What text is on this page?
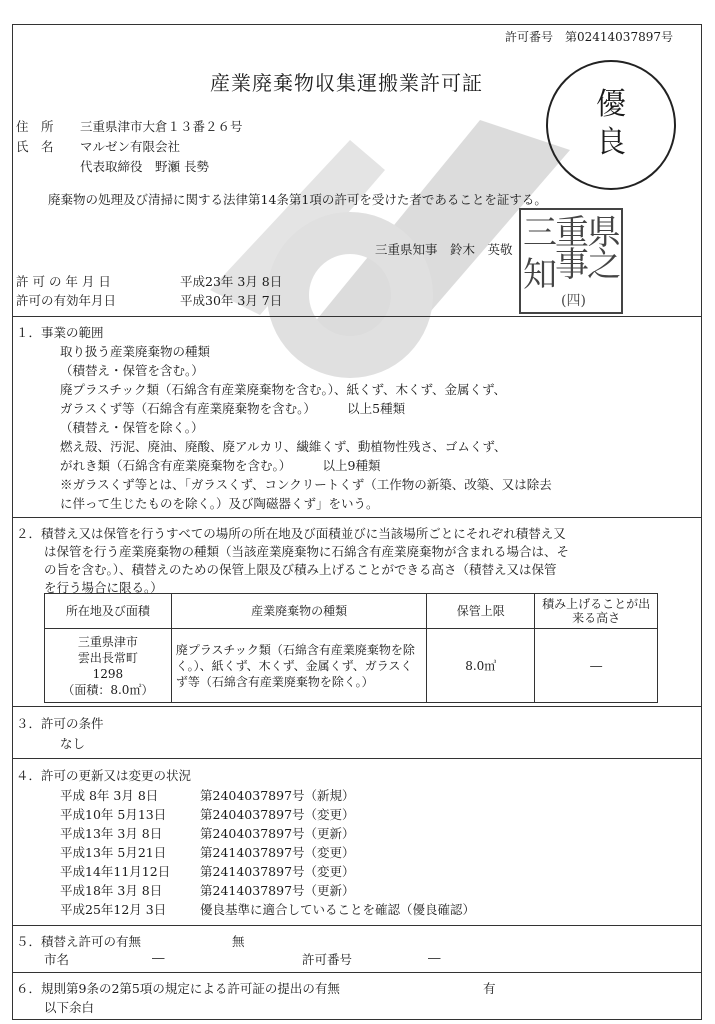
許可番号　第02414037897号
産業廃棄物収集運搬業許可証
優
良
住　所 三重県津市大倉１３番２６号
氏　名 マルゼン有限会社
代表取締役　野瀬 長勢
廃棄物の処理及び清掃に関する法律第14条第1項の許可を受けた者であることを証する。
三重県知事　鈴木　英敬 重
県
事
之
三
知
(四)
許 可 の 年 月 日	平成23年 3月 8日
許可の有効年月日	平成30年 3月 7日
１．事業の範囲
取り扱う産業廃棄物の種類
（積替え・保管を含む。）
廃プラスチック類（石綿含有産業廃棄物を含む。）、紙くず、木くず、金属くず、
ガラスくず等（石綿含有産業廃棄物を含む。）　　　以上5種類
（積替え・保管を除く。）
燃え殻、汚泥、廃油、廃酸、廃アルカリ、繊維くず、動植物性残さ、ゴムくず、
がれき類（石綿含有産業廃棄物を含む。）　　　以上9種類
※ガラスくず等とは、「ガラスくず、コンクリートくず（工作物の新築、改築、又は除去
に伴って生じたものを除く。）及び陶磁器くず」をいう。
２．積替え又は保管を行うすべての場所の所在地及び面積並びに当該場所ごとにそれぞれ積替え又
は保管を行う産業廃棄物の種類（当該産業廃棄物に石綿含有産業廃棄物が含まれる場合は、そ
の旨を含む。）、積替えのための保管上限及び積み上げることができる高さ（積替え又は保管
を行う場合に限る。）
所在地及び面積	産業廃棄物の種類	保管上限	積み上げることが出来る高さ

三重県津市
雲出長常町
1298
（面積：8.0㎡）	廃プラスチック類（石綿含有産業廃棄物を除く。）、紙くず、木くず、金属くず、ガラスくず等（石綿含有産業廃棄物を除く。）	8.0㎥	―
３．許可の条件
なし
４．許可の更新又は変更の状況
平成 8年 3月 8日	第2404037897号（新規）
平成10年 5月13日	第2404037897号（変更）
平成13年 3月 8日	第2404037897号（更新）
平成13年 5月21日	第2414037897号（変更）
平成14年11月12日 第2414037897号（変更）
平成18年 3月 8日	第2414037897号（更新）
平成25年12月 3日	優良基準に適合していることを確認（優良確認）
５．積替え許可の有無	無
市名	―	許可番号	―
６．規則第9条の2第5項の規定による許可証の提出の有無	有
以下余白
